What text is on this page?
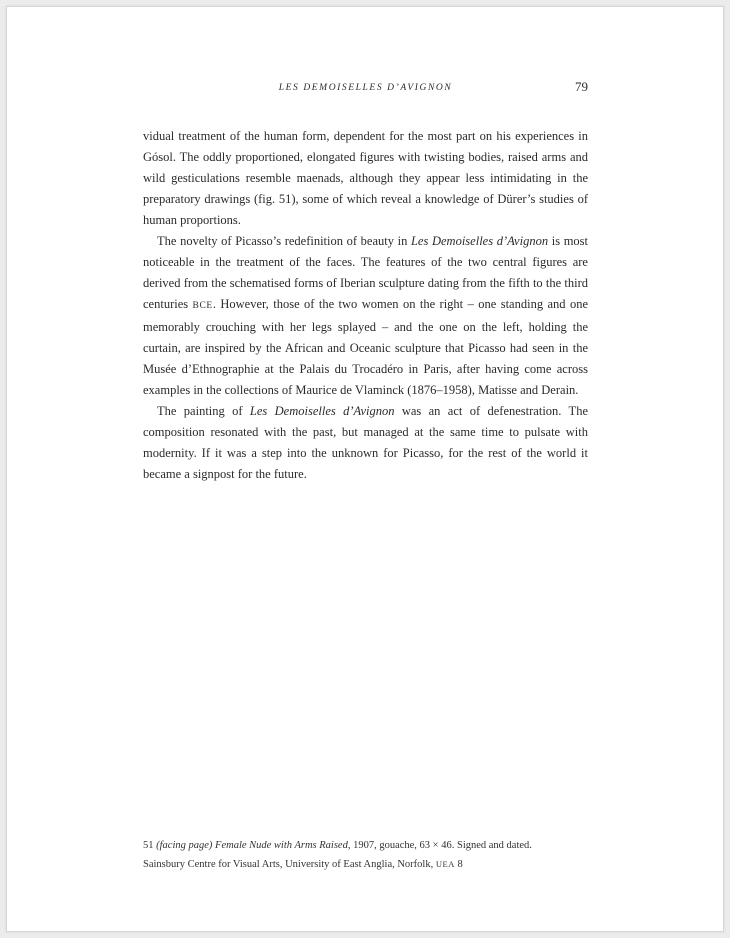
LES DEMOISELLES D’AVIGNON	79

vidual treatment of the human form, dependent for the most part on his experiences in Gósol. The oddly proportioned, elongated figures with twisting bodies, raised arms and wild gesticulations resemble maenads, although they appear less intimidating in the preparatory drawings (fig. 51), some of which reveal a knowledge of Dürer’s studies of human proportions.

The novelty of Picasso’s redefinition of beauty in Les Demoiselles d’Avignon is most noticeable in the treatment of the faces. The features of the two central figures are derived from the schematised forms of Iberian sculpture dating from the fifth to the third centuries BCE. However, those of the two women on the right – one standing and one memorably crouching with her legs splayed – and the one on the left, holding the curtain, are inspired by the African and Oceanic sculpture that Picasso had seen in the Musée d’Ethnographie at the Palais du Trocadéro in Paris, after having come across examples in the collections of Maurice de Vlaminck (1876–1958), Matisse and Derain.

The painting of Les Demoiselles d’Avignon was an act of defenestration. The composition resonated with the past, but managed at the same time to pulsate with modernity. If it was a step into the unknown for Picasso, for the rest of the world it became a signpost for the future.

51 (facing page) Female Nude with Arms Raised, 1907, gouache, 63 × 46. Signed and dated.
Sainsbury Centre for Visual Arts, University of East Anglia, Norfolk, UEA 8
